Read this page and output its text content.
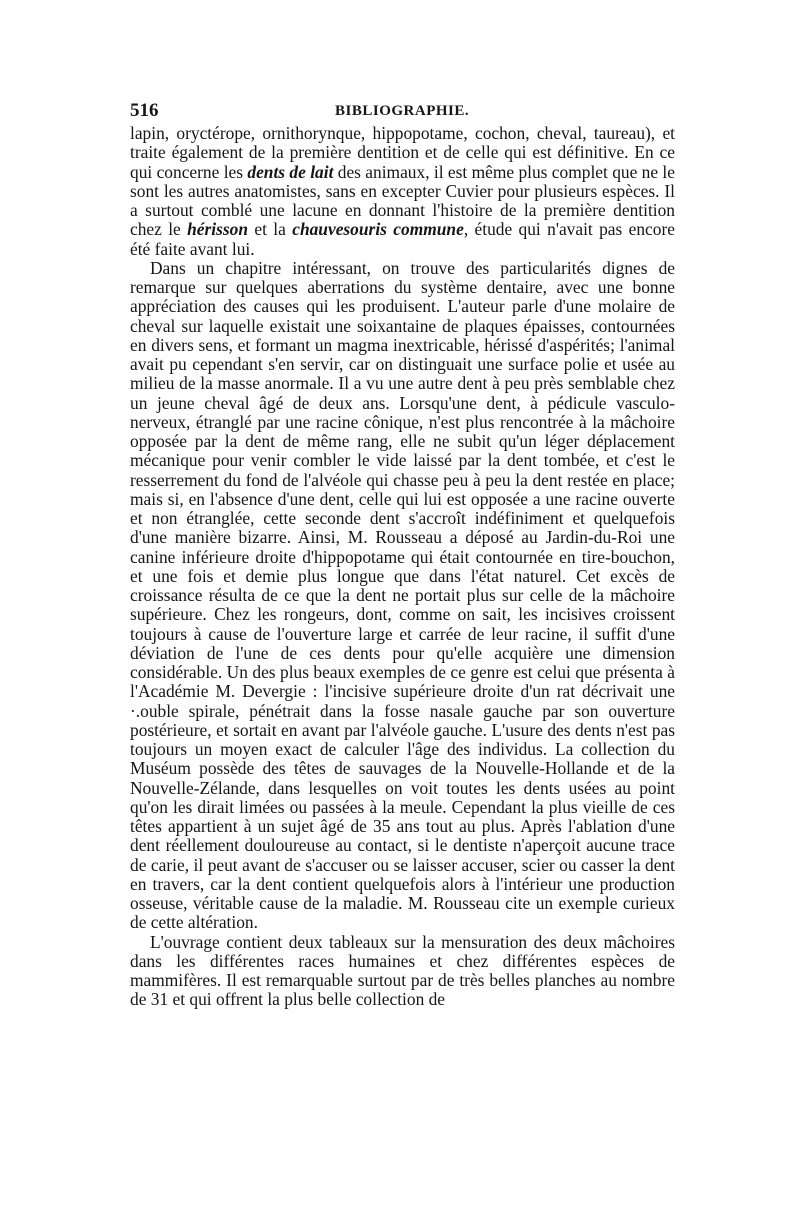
516	BIBLIOGRAPHIE.

lapin, oryctérope, ornithorynque, hippopotame, cochon, cheval, taureau), et traite également de la première dentition et de celle qui est définitive. En ce qui concerne les dents de lait des animaux, il est même plus complet que ne le sont les autres anatomistes, sans en excepter Cuvier pour plusieurs espèces. Il a surtout comblé une lacune en donnant l'histoire de la première dentition chez le hérisson et la chauvesouris commune, étude qui n'avait pas encore été faite avant lui.

Dans un chapitre intéressant, on trouve des particularités dignes de remarque sur quelques aberrations du système dentaire, avec une bonne appréciation des causes qui les produisent. L'auteur parle d'une molaire de cheval sur laquelle existait une soixantaine de plaques épaisses, contournées en divers sens, et formant un magma inextricable, hérissé d'aspérités; l'animal avait pu cependant s'en servir, car on distinguait une surface polie et usée au milieu de la masse anormale. Il a vu une autre dent à peu près semblable chez un jeune cheval âgé de deux ans. Lorsqu'une dent, à pédicule vasculo-nerveux, étranglé par une racine cônique, n'est plus rencontrée à la mâchoire opposée par la dent de même rang, elle ne subit qu'un léger déplacement mécanique pour venir combler le vide laissé par la dent tombée, et c'est le resserrement du fond de l'alvéole qui chasse peu à peu la dent restée en place; mais si, en l'absence d'une dent, celle qui lui est opposée a une racine ouverte et non étranglée, cette seconde dent s'accroît indéfiniment et quelquefois d'une manière bizarre. Ainsi, M. Rousseau a déposé au Jardin-du-Roi une canine inférieure droite d'hippopotame qui était contournée en tire-bouchon, et une fois et demie plus longue que dans l'état naturel. Cet excès de croissance résulta de ce que la dent ne portait plus sur celle de la mâchoire supérieure. Chez les rongeurs, dont, comme on sait, les incisives croissent toujours à cause de l'ouverture large et carrée de leur racine, il suffit d'une déviation de l'une de ces dents pour qu'elle acquière une dimension considérable. Un des plus beaux exemples de ce genre est celui que présenta à l'Académie M. Devergie : l'incisive supérieure droite d'un rat décrivait une ·.ouble spirale, pénétrait dans la fosse nasale gauche par son ouverture postérieure, et sortait en avant par l'alvéole gauche. L'usure des dents n'est pas toujours un moyen exact de calculer l'âge des individus. La collection du Muséum possède des têtes de sauvages de la Nouvelle-Hollande et de la Nouvelle-Zélande, dans lesquelles on voit toutes les dents usées au point qu'on les dirait limées ou passées à la meule. Cependant la plus vieille de ces têtes appartient à un sujet âgé de 35 ans tout au plus. Après l'ablation d'une dent réellement douloureuse au contact, si le dentiste n'aperçoit aucune trace de carie, il peut avant de s'accuser ou se laisser accuser, scier ou casser la dent en travers, car la dent contient quelquefois alors à l'intérieur une production osseuse, véritable cause de la maladie. M. Rousseau cite un exemple curieux de cette altération.

L'ouvrage contient deux tableaux sur la mensuration des deux mâchoires dans les différentes races humaines et chez différentes espèces de mammifères. Il est remarquable surtout par de très belles planches au nombre de 31 et qui offrent la plus belle collection de
